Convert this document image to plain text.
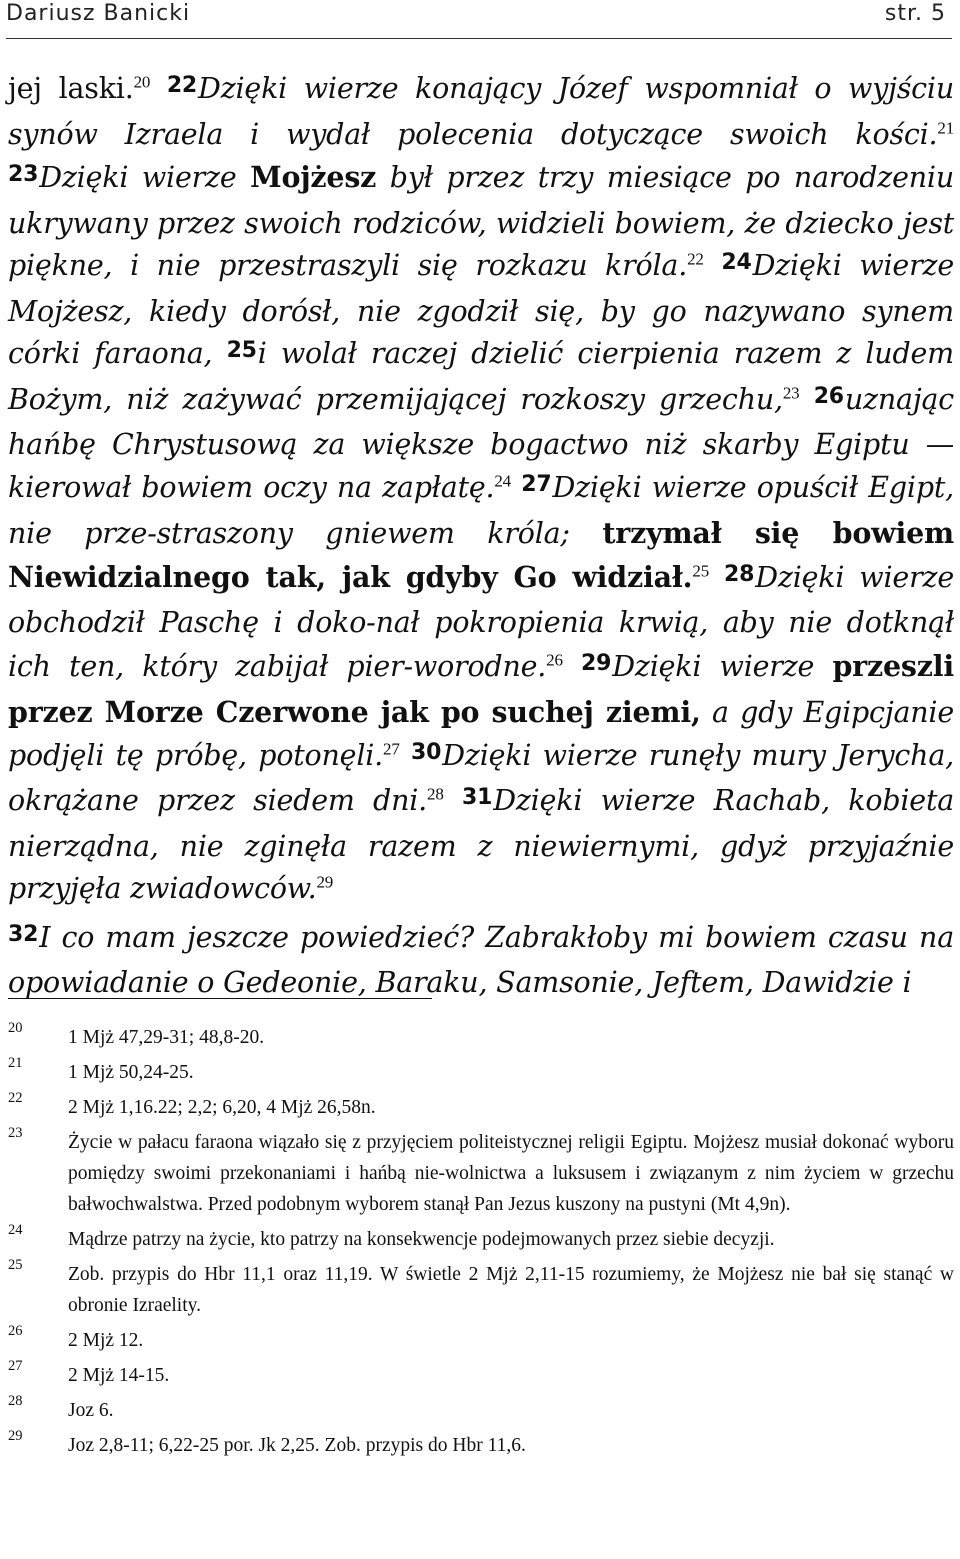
Dariusz Banicki	str. 5
jej laski.$^{20}$ $^{22}$Dzięki wierze konający Józef wspomniał o wyjściu synów Izraela i wydał polecenia dotyczące swoich kości.$^{21}$ $^{23}$Dzięki wierze Mojżesz był przez trzy miesiące po narodzeniu ukrywany przez swoich rodziców, widzieli bowiem, że dziecko jest piękne, i nie przestraszyli się rozkazu króla.$^{22}$ $^{24}$Dzięki wierze Mojżesz, kiedy dorósł, nie zgodził się, by go nazywano synem córki faraona, $^{25}$i wolał raczej dzielić cierpienia razem z ludem Bożym, niż zażywać przemijającej rozkoszy grzechu,$^{23}$ $^{26}$uznając hańbę Chrystusową za większe bogactwo niż skarby Egiptu — kierował bowiem oczy na zapłatę.$^{24}$ $^{27}$Dzięki wierze opuścił Egipt, nie prze-straszony gniewem króla; trzymał się bowiem Niewidzialnego tak, jak gdyby Go widział.$^{25}$ $^{28}$Dzięki wierze obchodził Paschę i doko-nał pokropienia krwią, aby nie dotknął ich ten, który zabijał pier-worodne.$^{26}$ $^{29}$Dzięki wierze przeszli przez Morze Czerwone jak po suchej ziemi, a gdy Egipcjanie podjęli tę próbę, potonęli.$^{27}$ $^{30}$Dzięki wierze runęły mury Jerycha, okrążane przez siedem dni.$^{28}$ $^{31}$Dzięki wierze Rachab, kobieta nierządna, nie zginęła razem z niewiernymi, gdyż przyjaźnie przyjęła zwiadowców.$^{29}$
$^{32}$I co mam jeszcze powiedzieć? Zabrakłoby mi bowiem czasu na opowiadanie o Gedeonie, Baraku, Samsonie, Jeftem, Dawidzie i
20 1 Mjż 47,29-31; 48,8-20.
21 1 Mjż 50,24-25.
22 2 Mjż 1,16.22; 2,2; 6,20, 4 Mjż 26,58n.
23 Życie w pałacu faraona wiązało się z przyjęciem politeistycznej religii Egiptu. Mojżesz musiał dokonać wyboru pomiędzy swoimi przekonaniami i hańbą nie-wolnictwa a luksusem i związanym z nim życiem w grzechu bałwochwalstwa. Przed podobnym wyborem stanął Pan Jezus kuszony na pustyni (Mt 4,9n).
24 Mądrze patrzy na życie, kto patrzy na konsekwencje podejmowanych przez siebie decyzji.
25 Zob. przypis do Hbr 11,1 oraz 11,19. W świetle 2 Mjż 2,11-15 rozumiemy, że Mojżesz nie bał się stanąć w obronie Izraelity.
26 2 Mjż 12.
27 2 Mjż 14-15.
28 Joz 6.
29 Joz 2,8-11; 6,22-25 por. Jk 2,25. Zob. przypis do Hbr 11,6.
